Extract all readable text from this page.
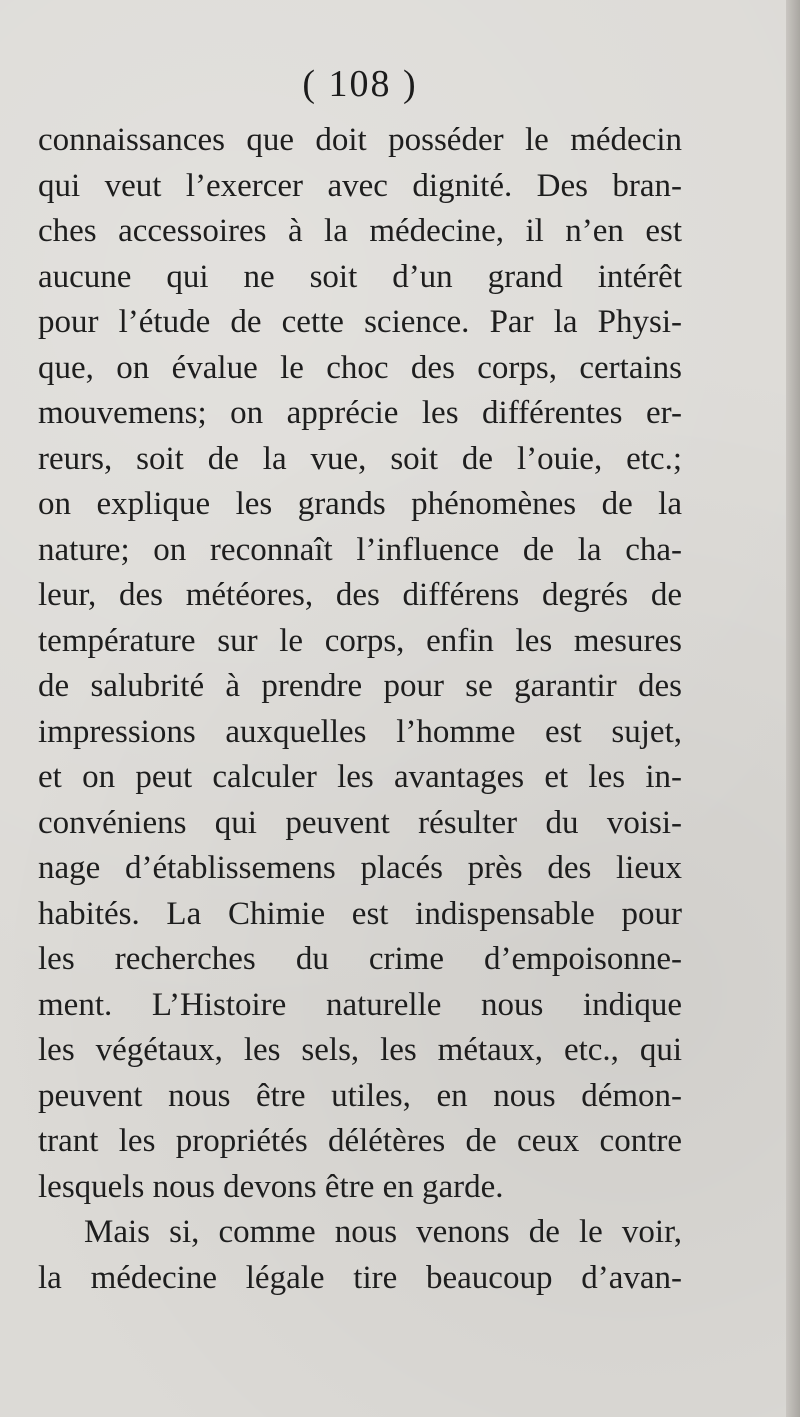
( 108 )
connaissances que doit posséder le médecin
qui veut l’exercer avec dignité. Des bran-
ches accessoires à la médecine, il n’en est
aucune qui ne soit d’un grand intérêt
pour l’étude de cette science. Par la Physi-
que, on évalue le choc des corps, certains
mouvemens; on apprécie les différentes er-
reurs, soit de la vue, soit de l’ouie, etc.;
on explique les grands phénomènes de la
nature; on reconnaît l’influence de la cha-
leur, des météores, des différens degrés de
température sur le corps, enfin les mesures
de salubrité à prendre pour se garantir des
impressions auxquelles l’homme est sujet,
et on peut calculer les avantages et les in-
convéniens qui peuvent résulter du voisi-
nage d’établissemens placés près des lieux
habités. La Chimie est indispensable pour
les recherches du crime d’empoisonne-
ment. L’Histoire naturelle nous indique
les végétaux, les sels, les métaux, etc., qui
peuvent nous être utiles, en nous démon-
trant les propriétés délétères de ceux contre
lesquels nous devons être en garde.
Mais si, comme nous venons de le voir,
la médecine légale tire beaucoup d’avan-
